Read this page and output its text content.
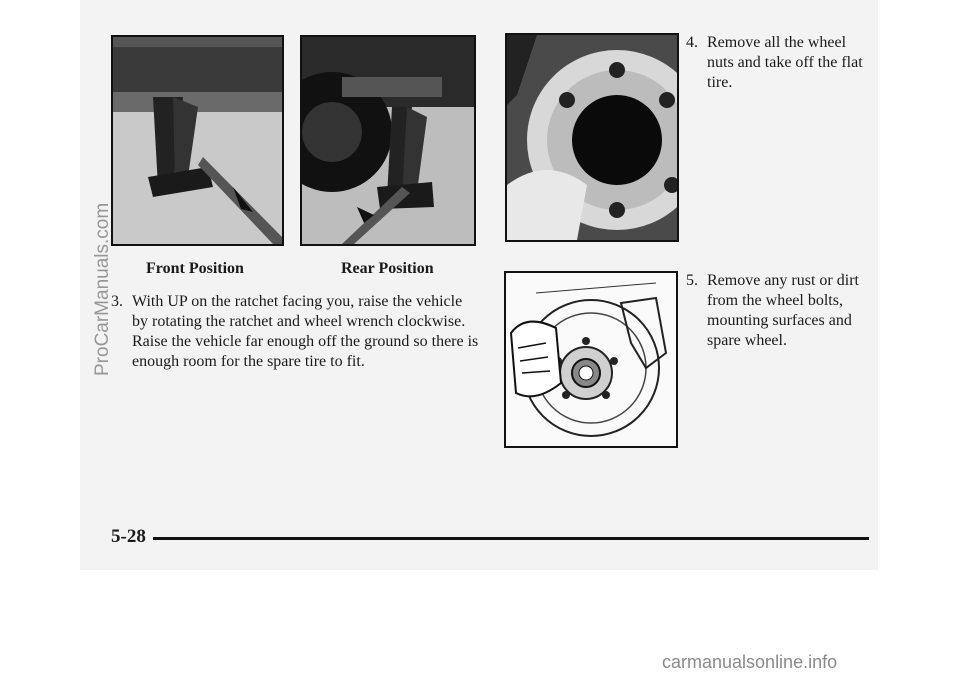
Front Position	Rear Position
3. With UP on the ratchet facing you, raise the vehicle by rotating the ratchet and wheel wrench clockwise. Raise the vehicle far enough off the ground so there is enough room for the spare tire to fit.
4. Remove all the wheel nuts and take off the flat tire.
5. Remove any rust or dirt from the wheel bolts, mounting surfaces and spare wheel.
5-28
ProCarManuals.com
carmanualsonline.info
